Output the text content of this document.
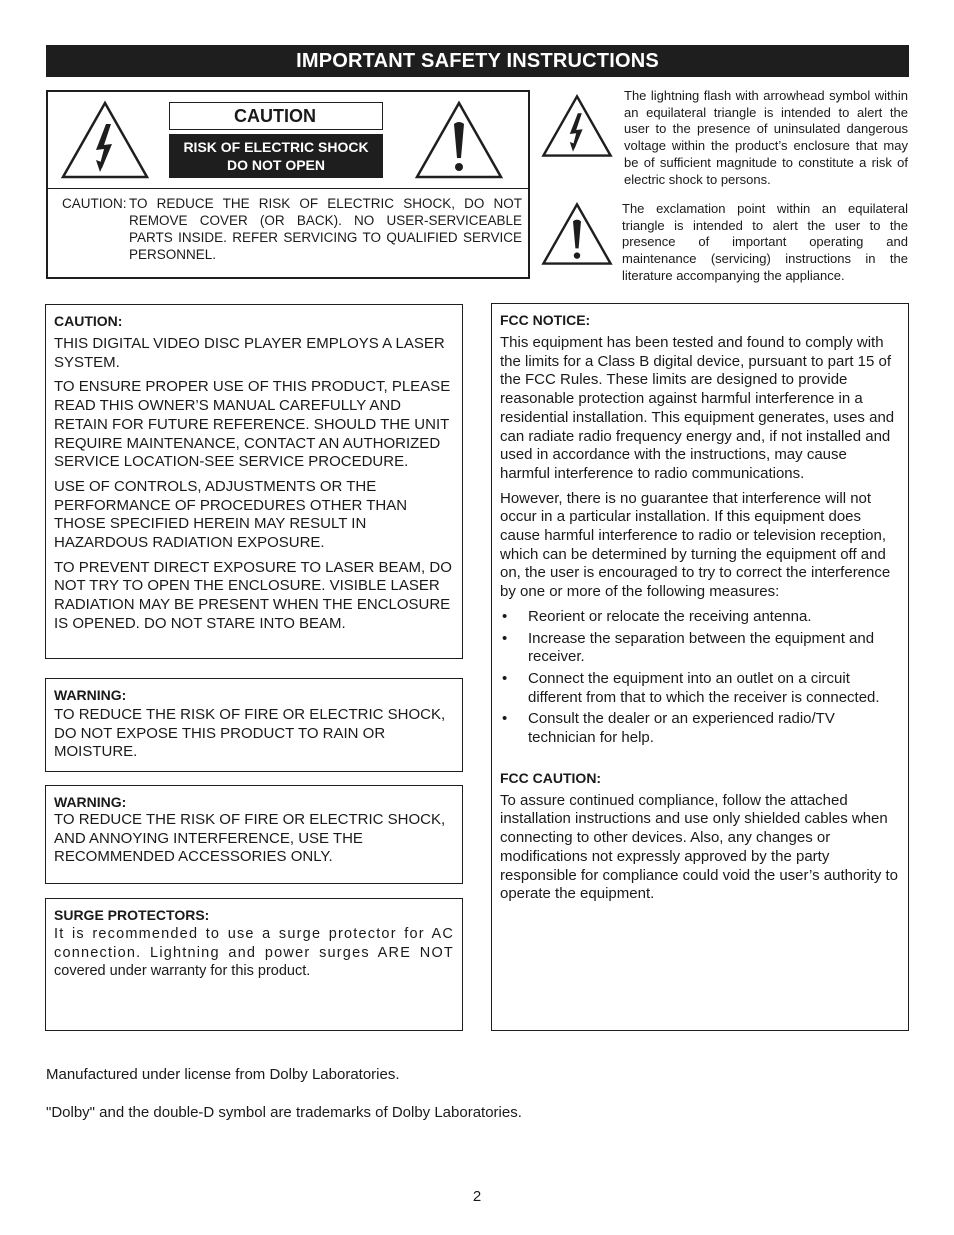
IMPORTANT SAFETY INSTRUCTIONS
CAUTION
RISK OF ELECTRIC SHOCK
DO NOT OPEN
CAUTION: TO REDUCE THE RISK OF ELECTRIC SHOCK, DO NOT REMOVE COVER (OR BACK). NO USER-SERVICEABLE PARTS INSIDE. REFER SERVICING TO QUALIFIED SERVICE PERSONNEL.
The lightning flash with arrowhead symbol within an equilateral triangle is intended to alert the user to the presence of uninsulated dangerous voltage within the product’s enclosure that may be of sufficient magnitude to constitute a risk of electric shock to persons.
The exclamation point within an equilateral triangle is intended to alert the user to the presence of important operating and maintenance (servicing) instructions in the literature accompanying the appliance.
CAUTION:

THIS DIGITAL VIDEO DISC PLAYER EMPLOYS A LASER SYSTEM.

TO ENSURE PROPER USE OF THIS PRODUCT, PLEASE READ THIS OWNER’S MANUAL CAREFULLY AND RETAIN FOR FUTURE REFERENCE. SHOULD THE UNIT REQUIRE MAINTENANCE, CONTACT AN AUTHORIZED SERVICE LOCATION-SEE SERVICE PROCEDURE.

USE OF CONTROLS, ADJUSTMENTS OR THE PERFORMANCE OF PROCEDURES OTHER THAN THOSE SPECIFIED HEREIN MAY RESULT IN HAZARDOUS RADIATION EXPOSURE.

TO PREVENT DIRECT EXPOSURE TO LASER BEAM, DO NOT TRY TO OPEN THE ENCLOSURE. VISIBLE LASER RADIATION MAY BE PRESENT WHEN THE ENCLOSURE IS OPENED. DO NOT STARE INTO BEAM.

WARNING:

TO REDUCE THE RISK OF FIRE OR ELECTRIC SHOCK, DO NOT EXPOSE THIS PRODUCT TO RAIN OR MOISTURE.

WARNING:

TO REDUCE THE RISK OF FIRE OR ELECTRIC SHOCK, AND ANNOYING INTERFERENCE, USE THE RECOMMENDED ACCESSORIES ONLY.

SURGE PROTECTORS:
It is recommended to use a surge protector for AC connection. Lightning and power surges ARE NOT
covered under warranty for this product.
FCC NOTICE:

This equipment has been tested and found to comply with the limits for a Class B digital device, pursuant to part 15 of the FCC Rules. These limits are designed to provide reasonable protection against harmful interference in a residential installation. This equipment generates, uses and can radiate radio frequency energy and, if not installed and used in accordance with the instructions, may cause harmful interference to radio communications.

However, there is no guarantee that interference will not occur in a particular installation. If this equipment does cause harmful interference to radio or television reception, which can be determined by turning the equipment off and on, the user is encouraged to try to correct the interference by one or more of the following measures:

• Reorient or relocate the receiving antenna.
• Increase the separation between the equipment and receiver.
• Connect the equipment into an outlet on a circuit different from that to which the receiver is connected.
• Consult the dealer or an experienced radio/TV technician for help.
FCC CAUTION:

To assure continued compliance, follow the attached installation instructions and use only shielded cables when connecting to other devices. Also, any changes or modifications not expressly approved by the party responsible for compliance could void the user’s authority to operate the equipment.

Manufactured under license from Dolby Laboratories.
"Dolby" and the double-D symbol are trademarks of Dolby Laboratories.
2
